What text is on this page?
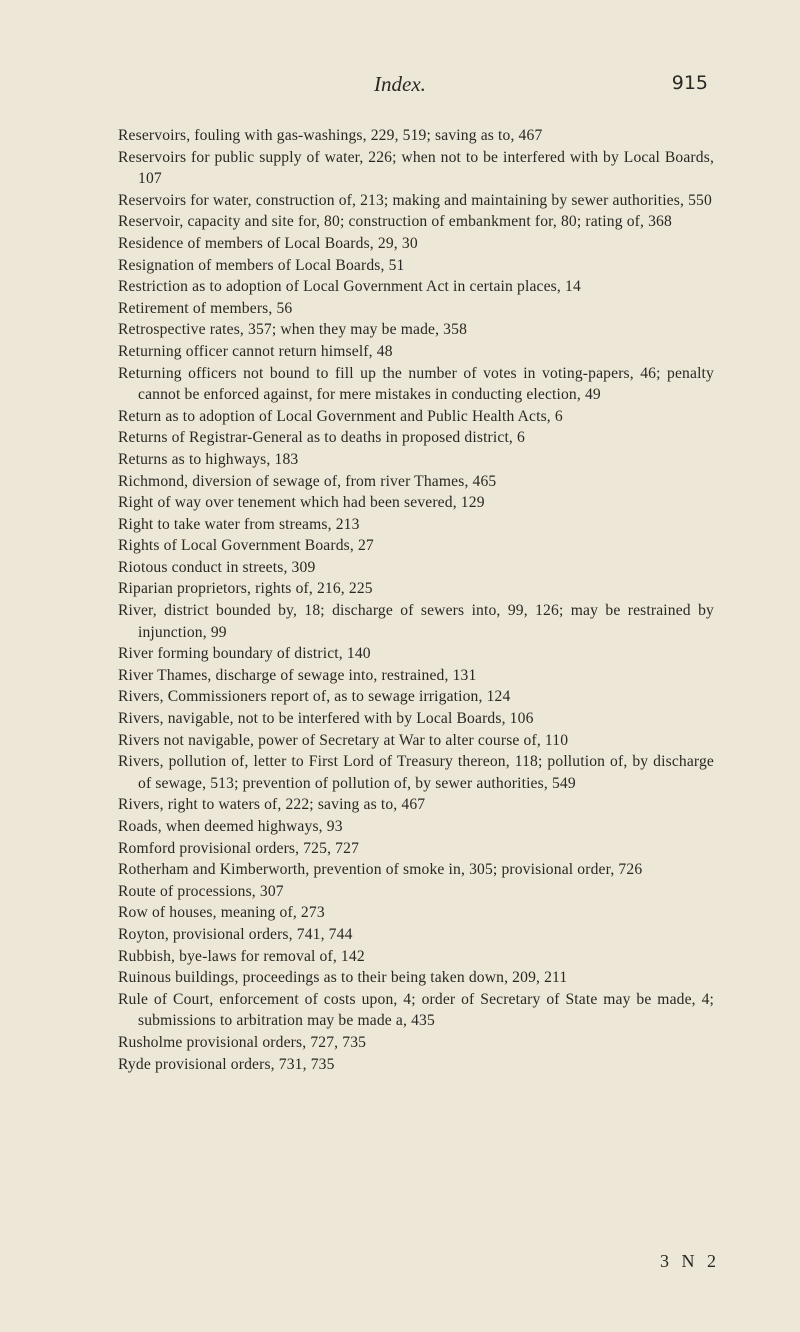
Index.	915

Reservoirs, fouling with gas-washings, 229, 519; saving as to, 467

Reservoirs for public supply of water, 226; when not to be interfered with by Local Boards, 107

Reservoirs for water, construction of, 213; making and maintaining by sewer authorities, 550

Reservoir, capacity and site for, 80; construction of embankment for, 80; rating of, 368

Residence of members of Local Boards, 29, 30

Resignation of members of Local Boards, 51

Restriction as to adoption of Local Government Act in certain places, 14

Retirement of members, 56

Retrospective rates, 357; when they may be made, 358

Returning officer cannot return himself, 48

Returning officers not bound to fill up the number of votes in voting-papers, 46; penalty cannot be enforced against, for mere mistakes in conducting election, 49

Return as to adoption of Local Government and Public Health Acts, 6

Returns of Registrar-General as to deaths in proposed district, 6

Returns as to highways, 183

Richmond, diversion of sewage of, from river Thames, 465

Right of way over tenement which had been severed, 129

Right to take water from streams, 213

Rights of Local Government Boards, 27

Riotous conduct in streets, 309

Riparian proprietors, rights of, 216, 225

River, district bounded by, 18; discharge of sewers into, 99, 126; may be restrained by injunction, 99

River forming boundary of district, 140

River Thames, discharge of sewage into, restrained, 131

Rivers, Commissioners report of, as to sewage irrigation, 124

Rivers, navigable, not to be interfered with by Local Boards, 106

Rivers not navigable, power of Secretary at War to alter course of, 110

Rivers, pollution of, letter to First Lord of Treasury thereon, 118; pollution of, by discharge of sewage, 513; prevention of pollution of, by sewer authorities, 549

Rivers, right to waters of, 222; saving as to, 467

Roads, when deemed highways, 93

Romford provisional orders, 725, 727

Rotherham and Kimberworth, prevention of smoke in, 305; provisional order, 726

Route of processions, 307

Row of houses, meaning of, 273

Royton, provisional orders, 741, 744

Rubbish, bye-laws for removal of, 142

Ruinous buildings, proceedings as to their being taken down, 209, 211

Rule of Court, enforcement of costs upon, 4; order of Secretary of State may be made, 4; submissions to arbitration may be made a, 435

Rusholme provisional orders, 727, 735

Ryde provisional orders, 731, 735

3 N 2
